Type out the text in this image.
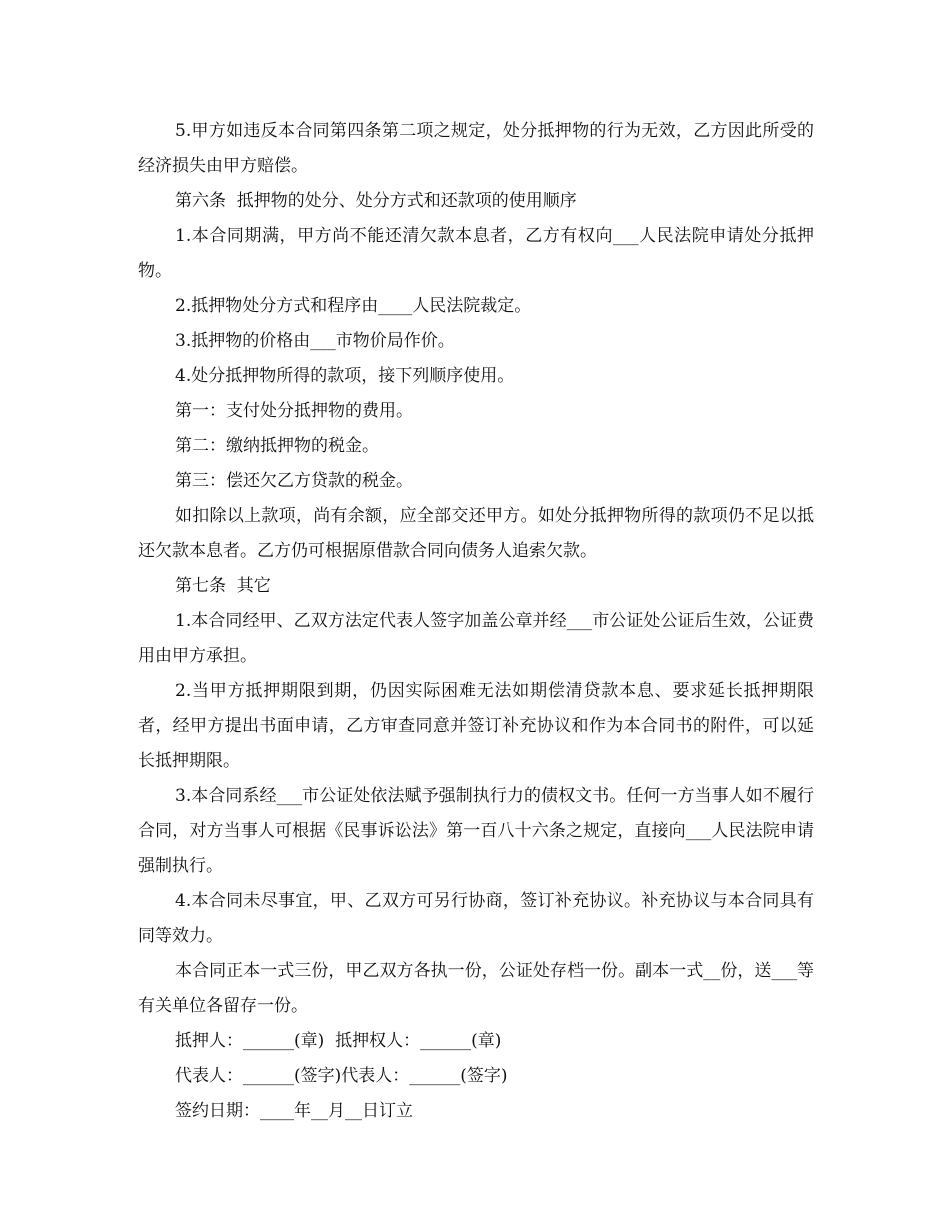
5.甲方如违反本合同第四条第二项之规定，处分抵押物的行为无效，乙方因此所受的经济损失由甲方赔偿。

第六条  抵押物的处分、处分方式和还款项的使用顺序

1.本合同期满，甲方尚不能还清欠款本息者，乙方有权向___人民法院申请处分抵押物。

2.抵押物处分方式和程序由____人民法院裁定。

3.抵押物的价格由___市物价局作价。

4.处分抵押物所得的款项，接下列顺序使用。

第一：支付处分抵押物的费用。

第二：缴纳抵押物的税金。

第三：偿还欠乙方贷款的税金。

如扣除以上款项，尚有余额，应全部交还甲方。如处分抵押物所得的款项仍不足以抵还欠款本息者。乙方仍可根据原借款合同向债务人追索欠款。

第七条  其它

1.本合同经甲、乙双方法定代表人签字加盖公章并经___市公证处公证后生效，公证费用由甲方承担。

2.当甲方抵押期限到期，仍因实际困难无法如期偿清贷款本息、要求延长抵押期限者，经甲方提出书面申请，乙方审查同意并签订补充协议和作为本合同书的附件，可以延长抵押期限。

3.本合同系经___市公证处依法赋予强制执行力的债权文书。任何一方当事人如不履行合同，对方当事人可根据《民事诉讼法》第一百八十六条之规定，直接向___人民法院申请强制执行。

4.本合同未尽事宜，甲、乙双方可另行协商，签订补充协议。补充协议与本合同具有同等效力。

本合同正本一式三份，甲乙双方各执一份，公证处存档一份。副本一式__份，送___等有关单位各留存一份。

抵押人：______(章)  抵押权人：______(章)

代表人：______(签字)代表人：______(签字)

签约日期：____年__月__日订立
